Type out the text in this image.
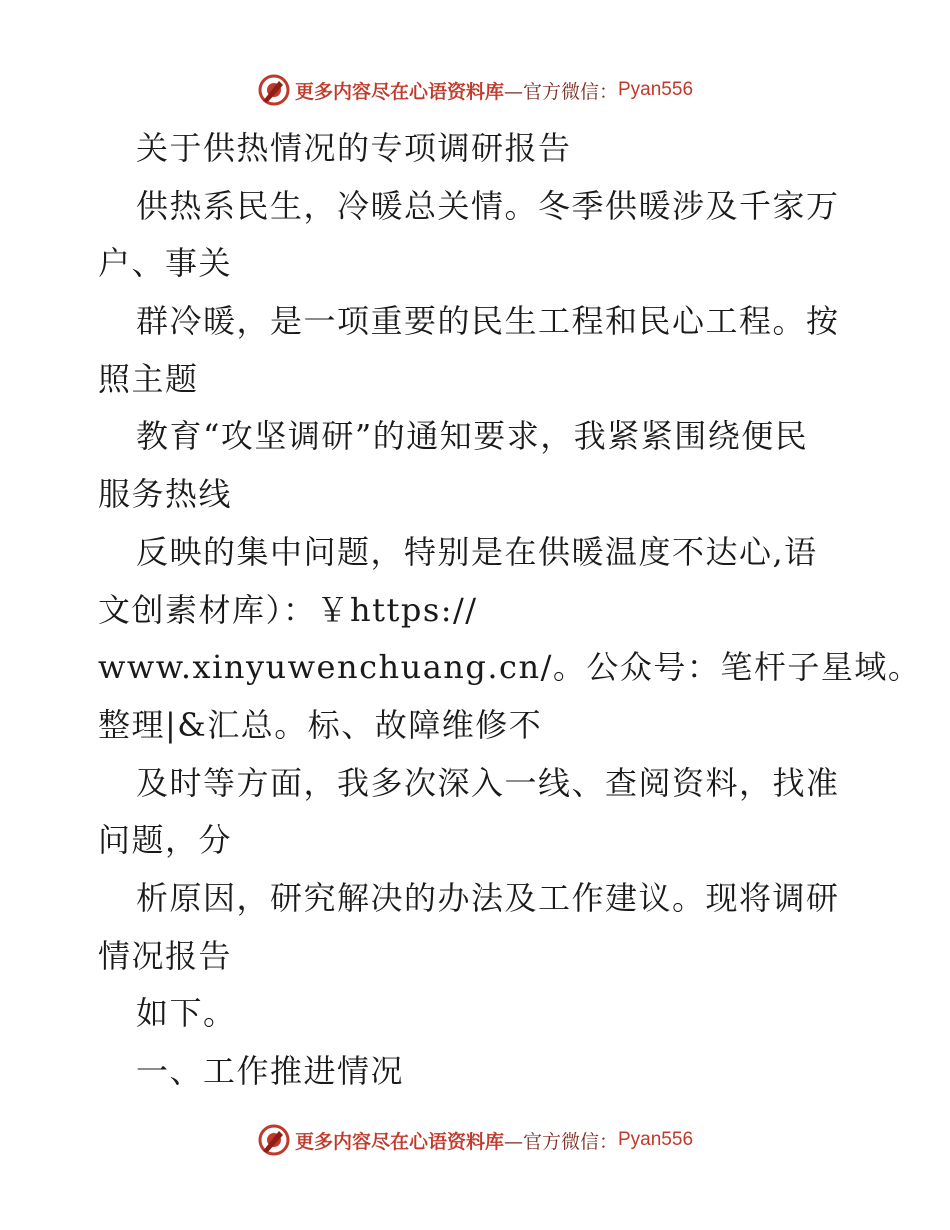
更多内容尽在心语资料库 —官方微信： Pyan556
关于供热情况的专项调研报告
供热系民生，冷暖总关情。冬季供暖涉及千家万
户、事关
群冷暖，是一项重要的民生工程和民心工程。按
照主题
教育“攻坚调研”的通知要求，我紧紧围绕便民
服务热线
反映的集中问题，特别是在供暖温度不达心,语
文创素材库）：￥https://
www.xinyuwenchuang.cn/。公众号：笔杆子星域。
整理|&汇总。标、故障维修不
及时等方面，我多次深入一线、查阅资料，找准
问题，分
析原因，研究解决的办法及工作建议。现将调研
情况报告
如下。
一、工作推进情况
更多内容尽在心语资料库 —官方微信： Pyan556
